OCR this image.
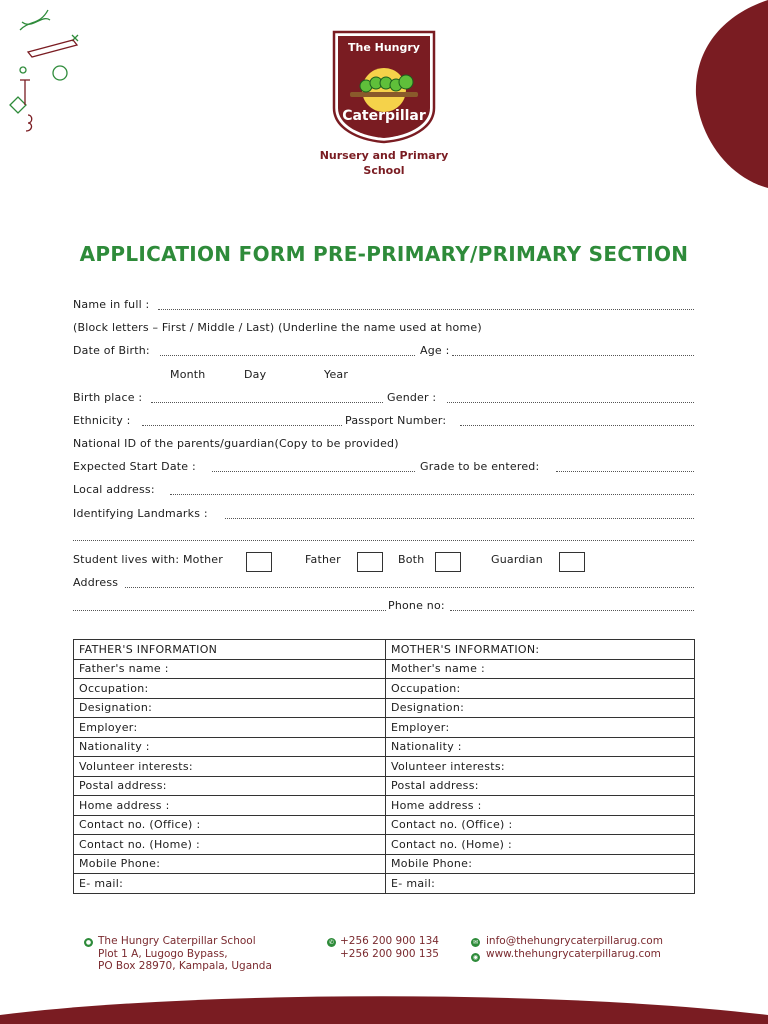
The Hungry
Caterpillar
Nursery and Primary
School
APPLICATION FORM PRE-PRIMARY/PRIMARY SECTION
Name in full :
(Block letters – First / Middle / Last) (Underline the name used at home)
Date of Birth:	Age :
Month	Day	Year
Birth place :	Gender :
Ethnicity :	Passport Number:
National ID of the parents/guardian(Copy to be provided)
Expected Start Date :	Grade to be entered:
Local address:
Identifying Landmarks :
Student lives with: Mother	Father	Both	Guardian
Address
Phone no:
FATHER'S INFORMATION	MOTHER'S INFORMATION:
Father's name :	Mother's name :
Occupation:	Occupation:
Designation:	Designation:
Employer:	Employer:
Nationality :	Nationality :
Volunteer interests:	Volunteer interests:
Postal address:	Postal address:
Home address :	Home address :
Contact no. (Office) :	Contact no. (Office) :
Contact no. (Home) :	Contact no. (Home) :
Mobile Phone:	Mobile Phone:
E- mail:	E- mail:
● The Hungry Caterpillar School
Plot 1 A, Lugogo Bypass,
PO Box 28970, Kampala, Uganda
✆ +256 200 900 134
+256 200 900 135
✉
◉
info@thehungrycaterpillarug.com
www.thehungrycaterpillarug.com
